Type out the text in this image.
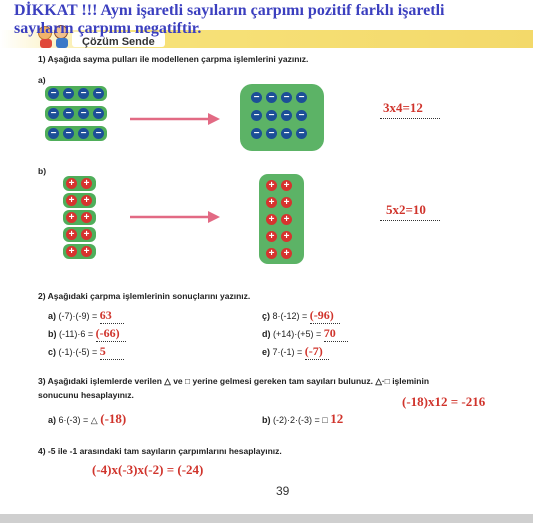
Çözüm Sende
DİKKAT !!! Aynı işaretli sayıların çarpımı pozitif farklı işaretli
sayıların çarpımı negatiftir.
1) Aşağıda sayma pulları ile modellenen çarpma işlemlerini yazınız.
a)
− − − −
− − − −
− − − −
− − − −
− − − −
− − − −
3x4=12
b)
+ +
+ +
+ +
+ +
+ +
+ +
+ +
+ +
+ +
+ +
5x2=10
2) Aşağıdaki çarpma işlemlerinin sonuçlarını yazınız.
a) (-7)·(-9) = 63
b) (-11)·6 = (-66)
c) (-1)·(-5) = 5
ç) 8·(-12) = (-96)
d) (+14)·(+5) = 70
e) 7·(-1) = (-7)
3) Aşağıdaki işlemlerde verilen △ ve □ yerine gelmesi gereken tam sayıları bulunuz. △·□ işleminin
sonucunu hesaplayınız.	(-18)x12 = -216
a) 6·(-3) = △ (-18)	b) (-2)·2·(-3) = □ 12
4) -5 ile -1 arasındaki tam sayıların çarpımlarını hesaplayınız.
(-4)x(-3)x(-2) = (-24)
39
